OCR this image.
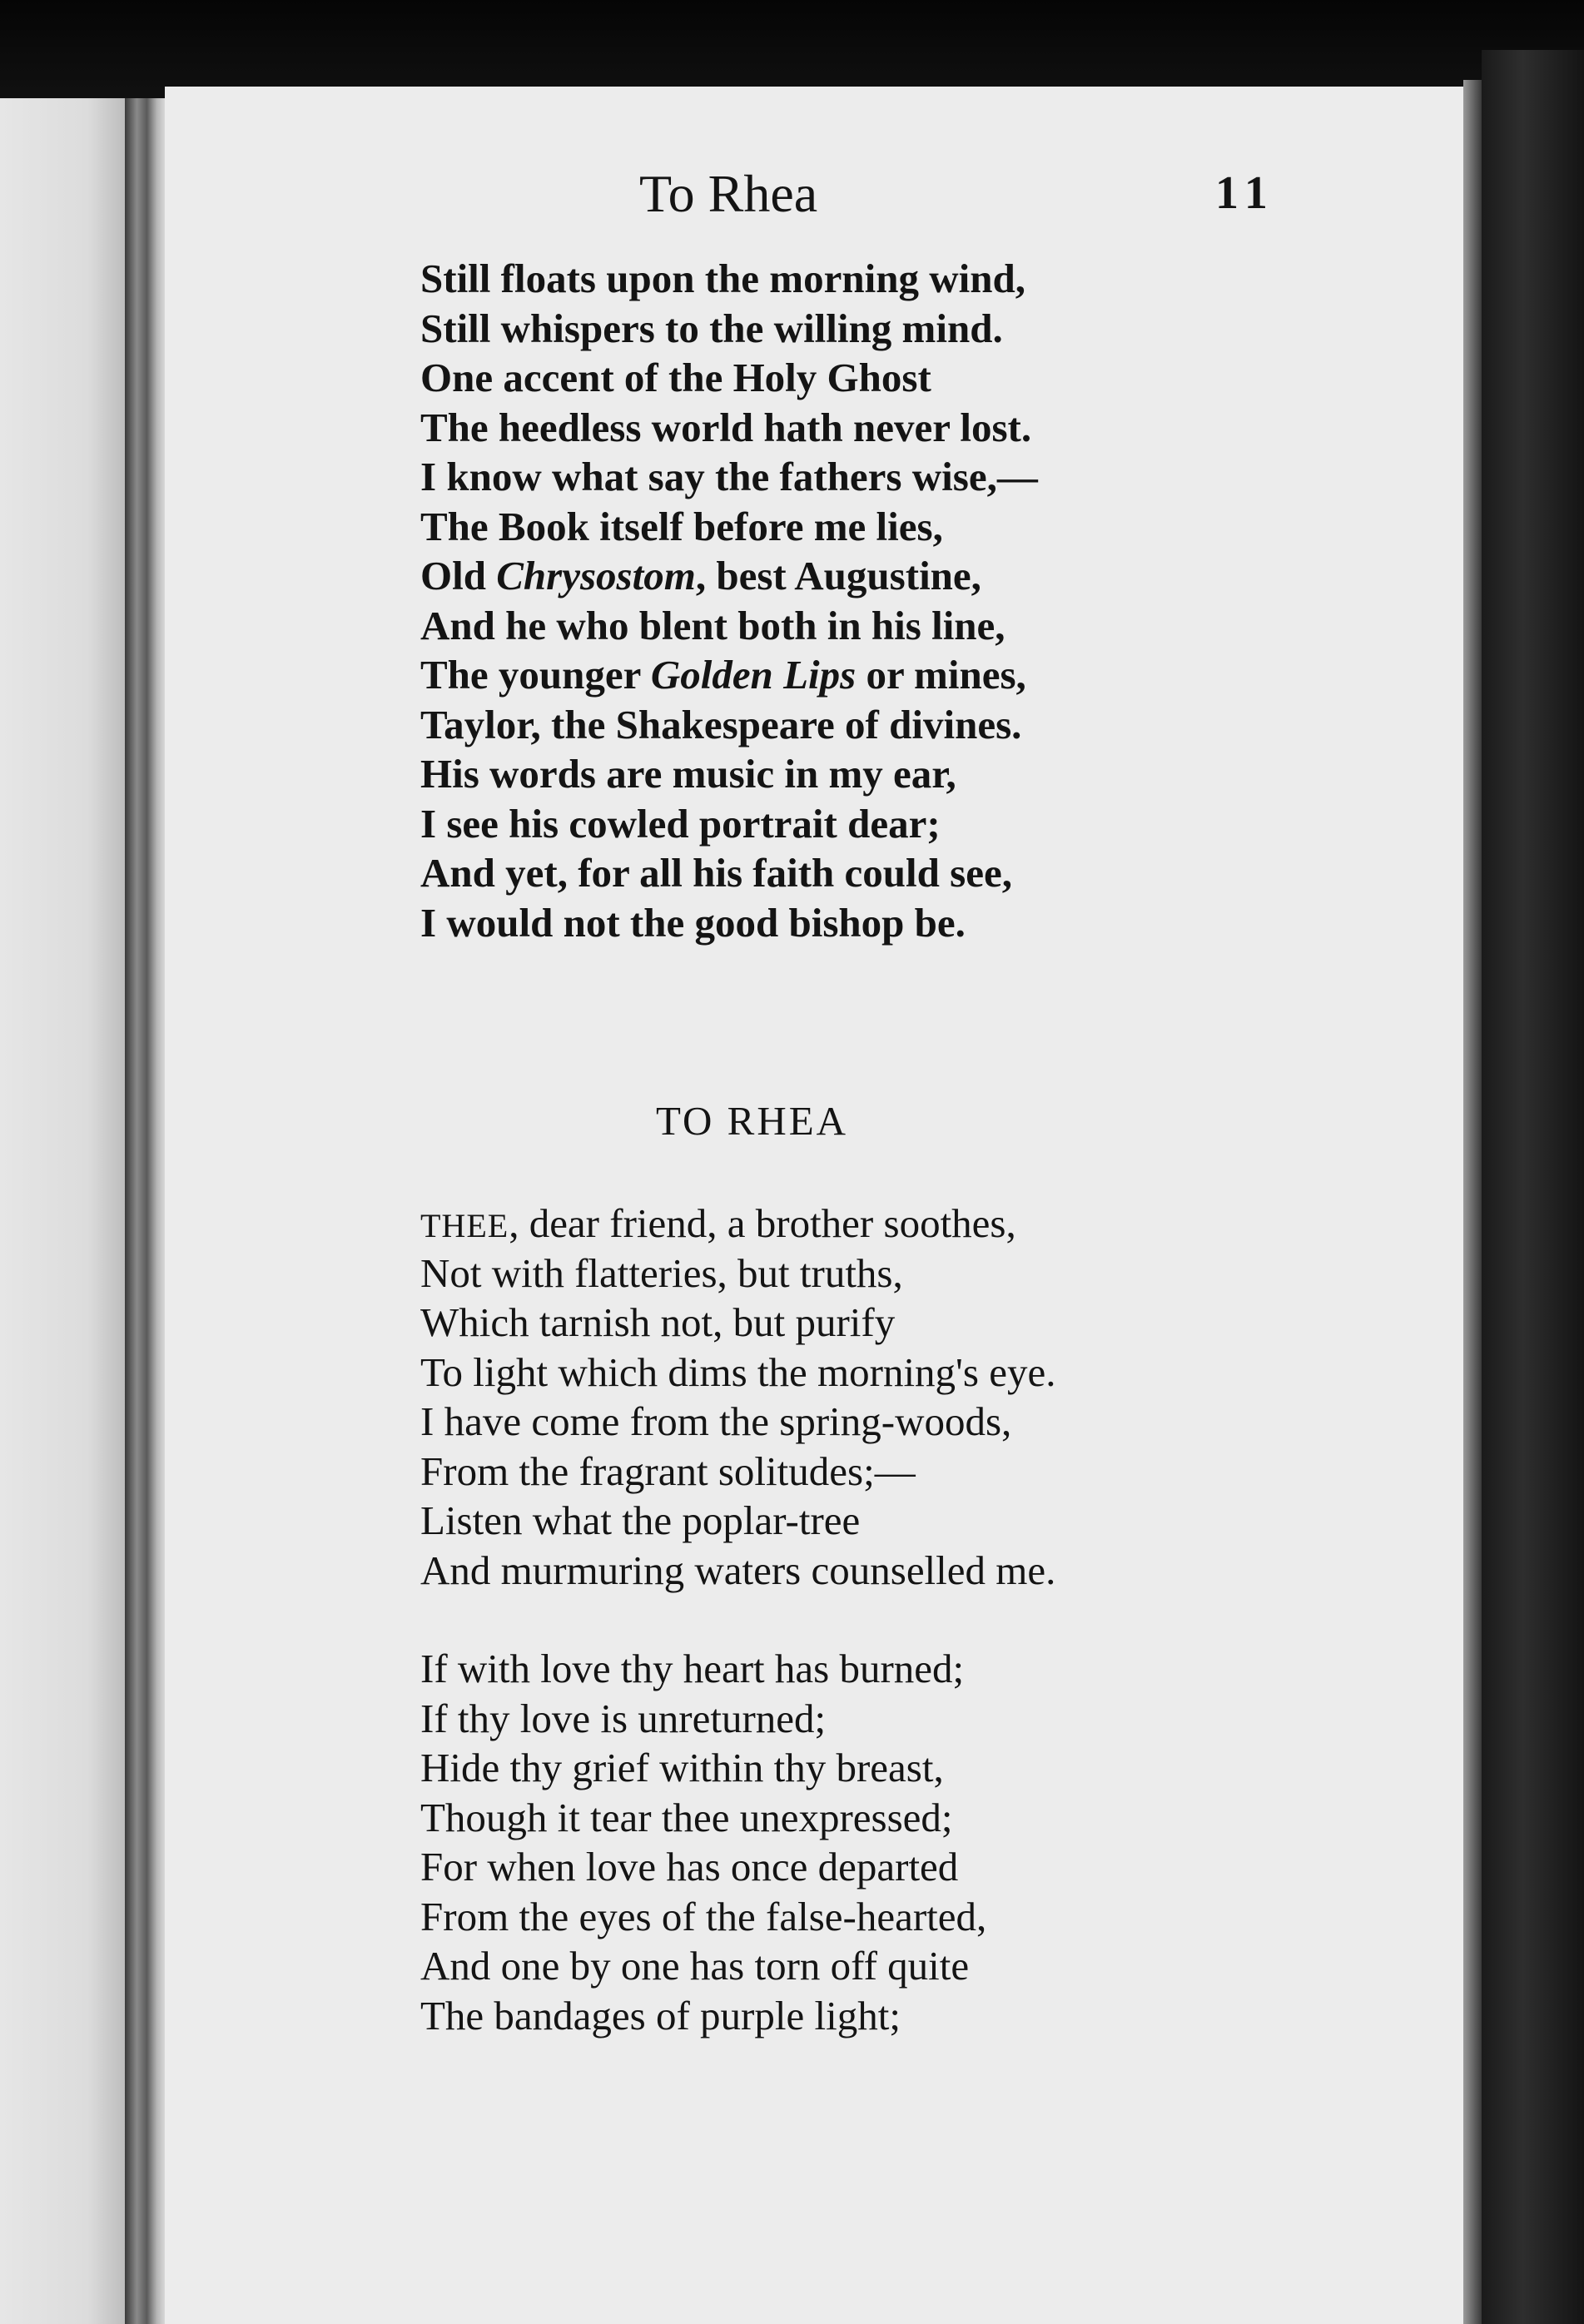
To Rhea	11
Still floats upon the morning wind,
Still whispers to the willing mind.
One accent of the Holy Ghost
The heedless world hath never lost.
I know what say the fathers wise,—
The Book itself before me lies,
Old Chrysostom, best Augustine,
And he who blent both in his line,
The younger Golden Lips or mines,
Taylor, the Shakespeare of divines.
His words are music in my ear,
I see his cowled portrait dear;
And yet, for all his faith could see,
I would not the good bishop be.
TO RHEA
THEE, dear friend, a brother soothes,
Not with flatteries, but truths,
Which tarnish not, but purify
To light which dims the morning's eye.
I have come from the spring-woods,
From the fragrant solitudes;—
Listen what the poplar-tree
And murmuring waters counselled me.
If with love thy heart has burned;
If thy love is unreturned;
Hide thy grief within thy breast,
Though it tear thee unexpressed;
For when love has once departed
From the eyes of the false-hearted,
And one by one has torn off quite
The bandages of purple light;
